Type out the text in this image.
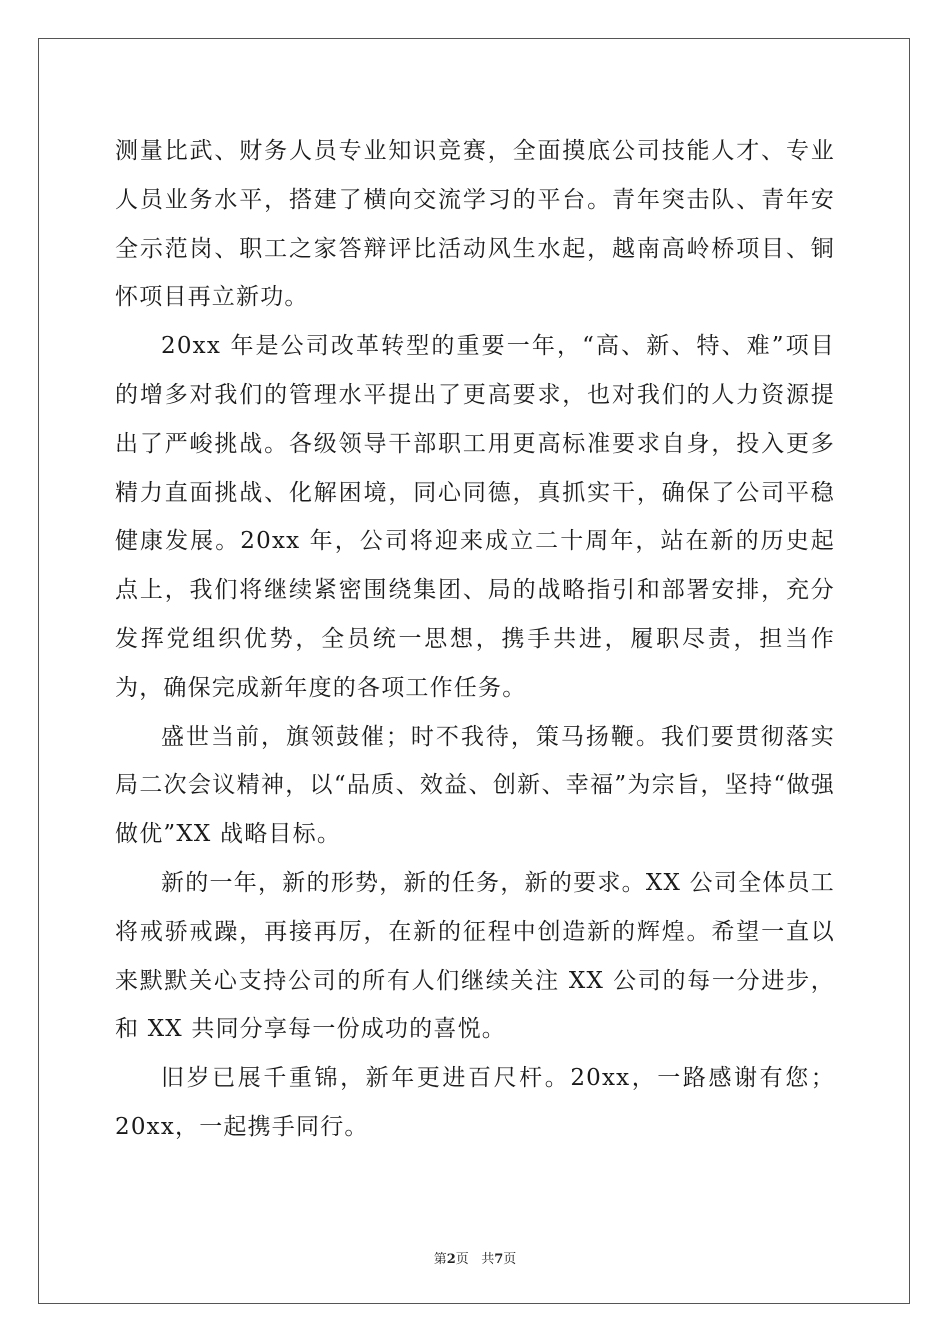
测量比武、财务人员专业知识竞赛，全面摸底公司技能人才、专业人员业务水平，搭建了横向交流学习的平台。青年突击队、青年安全示范岗、职工之家答辩评比活动风生水起，越南高岭桥项目、铜怀项目再立新功。

20xx 年是公司改革转型的重要一年，“高、新、特、难”项目的增多对我们的管理水平提出了更高要求，也对我们的人力资源提出了严峻挑战。各级领导干部职工用更高标准要求自身，投入更多精力直面挑战、化解困境，同心同德，真抓实干，确保了公司平稳健康发展。20xx 年，公司将迎来成立二十周年，站在新的历史起点上，我们将继续紧密围绕集团、局的战略指引和部署安排，充分发挥党组织优势，全员统一思想，携手共进，履职尽责，担当作为，确保完成新年度的各项工作任务。

盛世当前，旗领鼓催；时不我待，策马扬鞭。我们要贯彻落实局二次会议精神，以“品质、效益、创新、幸福”为宗旨，坚持“做强做优”XX 战略目标。

新的一年，新的形势，新的任务，新的要求。XX 公司全体员工将戒骄戒躁，再接再厉，在新的征程中创造新的辉煌。希望一直以来默默关心支持公司的所有人们继续关注 XX 公司的每一分进步，和 XX 共同分享每一份成功的喜悦。

旧岁已展千重锦，新年更进百尺杆。20xx，一路感谢有您；20xx，一起携手同行。

第2页 共7页
